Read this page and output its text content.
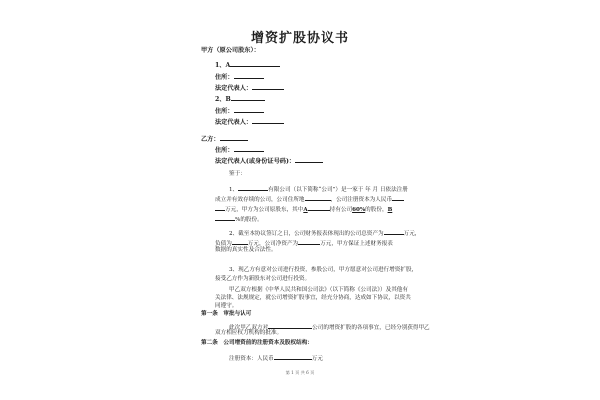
增资扩股协议书
甲方（原公司股东）：
1、A
住所：
法定代表人：
2、B
住所：
法定代表人：
乙方：
住所：
法定代表人(或身份证号码)：
鉴于：
1、	有限公司（以下简称“公司”）是一家于 年 月 日依法注册
成立并有效存续的公司，公司住所地	，公司注册资本为人民币
万元，甲方为公司原股东，其中A	持有公司60%的股份，B
%的股份。
2、截至本协议签订之日，公司财务报表体现出的公司总资产为	万元，
负债为	万元，公司净资产为	万元，甲方保证上述财务报表
数据的真实性及合法性。
3、现乙方有意对公司进行投资，参股公司，甲方愿意对公司进行增资扩股，
接受乙方作为新股东对公司进行投资。
甲乙双方根据《中华人民共和国公司法》（以下简称《公司法》）及其他有
关法律、法规规定，就公司增资扩股事宜，经充分协商，达成如下协议，以资共
同遵守。
第一条　审批与认可
此次甲乙双方对	公司的增资扩股的各项事宜，已经分别获得甲乙
双方相应权力机构的批准。
第 1 页 共 6 页
第二条　公司增资前的注册资本及股权结构：
注册资本：人民币	万元
